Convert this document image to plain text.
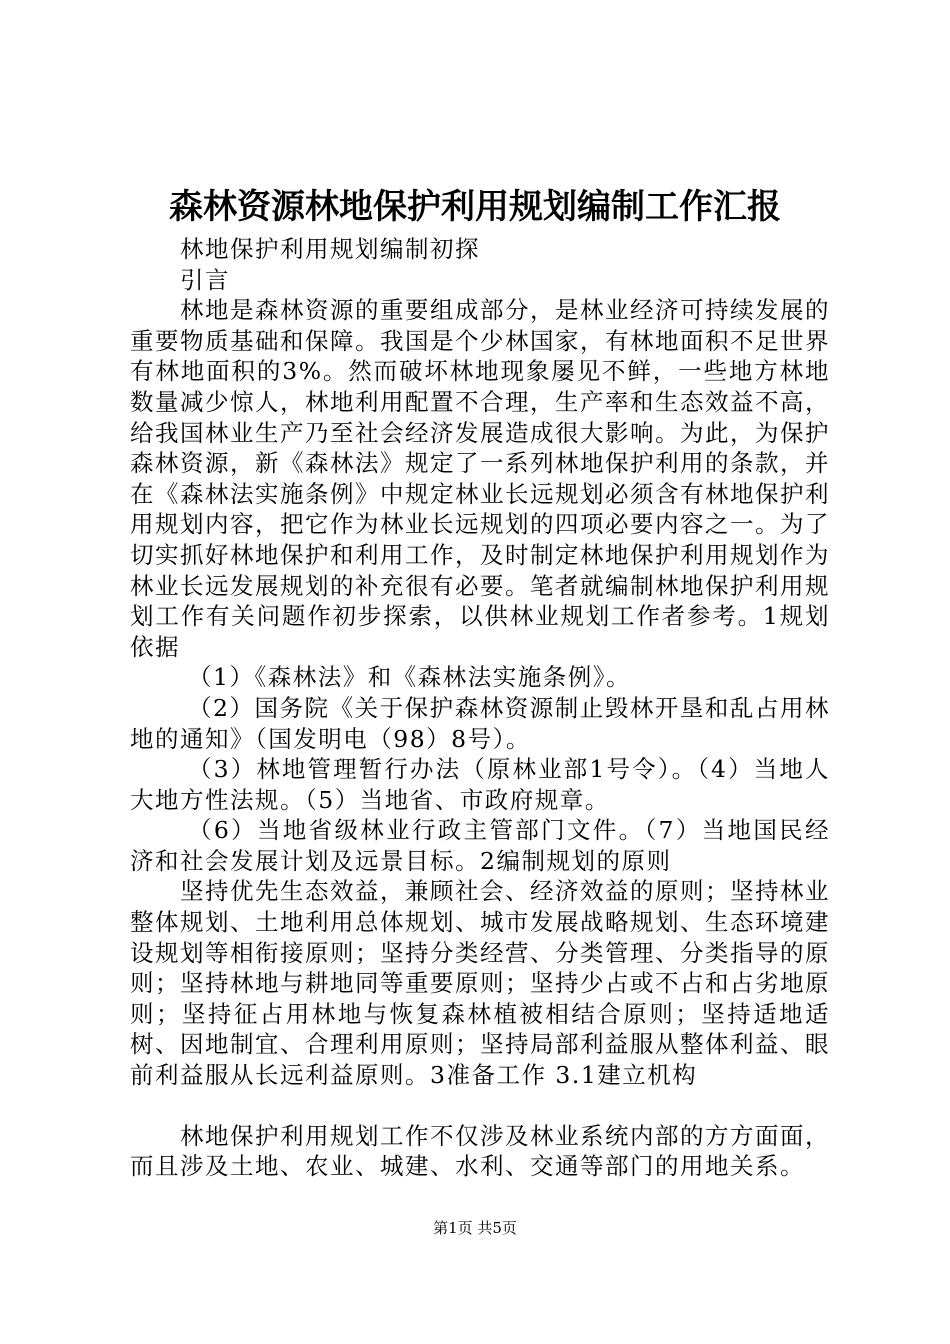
森林资源林地保护利用规划编制工作汇报

林地保护利用规划编制初探

引言

林地是森林资源的重要组成部分，是林业经济可持续发展的重要物质基础和保障。我国是个少林国家，有林地面积不足世界有林地面积的3%。然而破坏林地现象屡见不鲜，一些地方林地数量减少惊人，林地利用配置不合理，生产率和生态效益不高，给我国林业生产乃至社会经济发展造成很大影响。为此，为保护森林资源，新《森林法》规定了一系列林地保护利用的条款，并在《森林法实施条例》中规定林业长远规划必须含有林地保护利用规划内容，把它作为林业长远规划的四项必要内容之一。为了切实抓好林地保护和利用工作，及时制定林地保护利用规划作为林业长远发展规划的补充很有必要。笔者就编制林地保护利用规划工作有关问题作初步探索，以供林业规划工作者参考。1规划依据

（1）《森林法》和《森林法实施条例》。

（2）国务院《关于保护森林资源制止毁林开垦和乱占用林地的通知》（国发明电（98）8号）。

（3）林地管理暂行办法（原林业部1号令）。（4）当地人大地方性法规。（5）当地省、市政府规章。

（6）当地省级林业行政主管部门文件。（7）当地国民经济和社会发展计划及远景目标。2编制规划的原则

坚持优先生态效益，兼顾社会、经济效益的原则；坚持林业整体规划、土地利用总体规划、城市发展战略规划、生态环境建设规划等相衔接原则；坚持分类经营、分类管理、分类指导的原则；坚持林地与耕地同等重要原则；坚持少占或不占和占劣地原则；坚持征占用林地与恢复森林植被相结合原则；坚持适地适树、因地制宜、合理利用原则；坚持局部利益服从整体利益、眼前利益服从长远利益原则。3准备工作 3.1建立机构

林地保护利用规划工作不仅涉及林业系统内部的方方面面，而且涉及土地、农业、城建、水利、交通等部门的用地关系。

第1页 共5页
